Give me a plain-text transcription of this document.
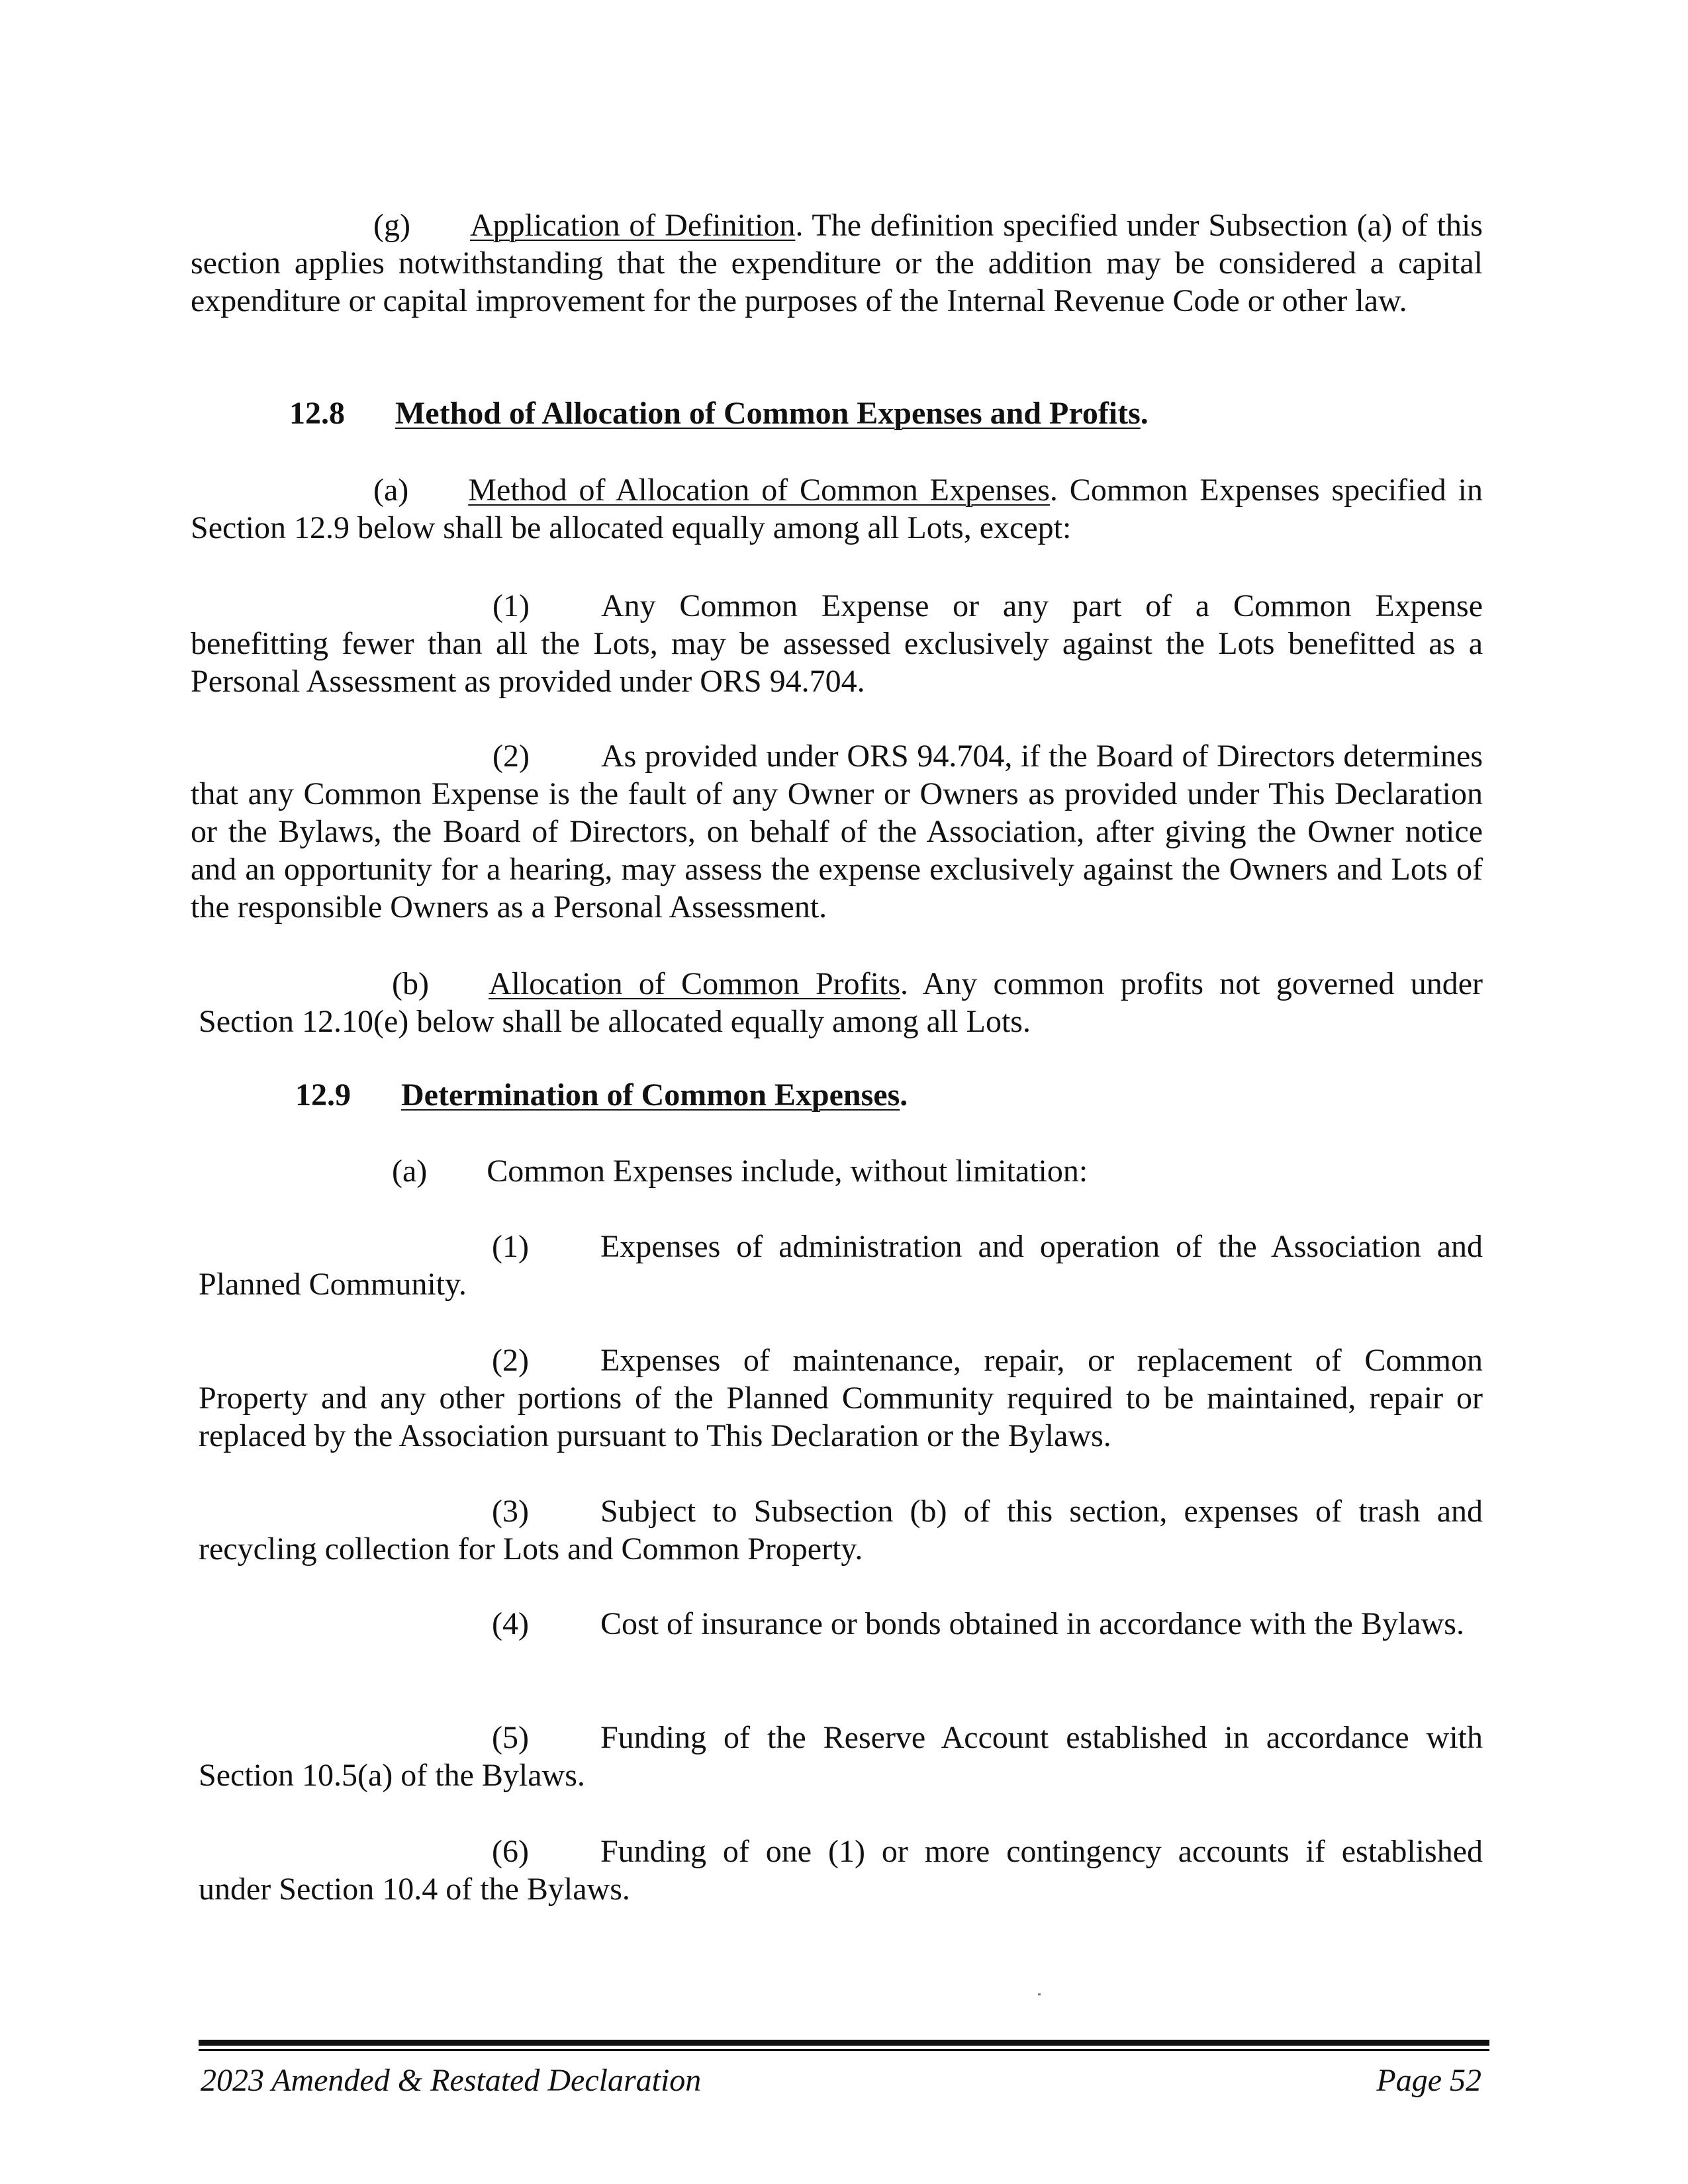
(g) Application of Definition. The definition specified under Subsection (a) of this section applies notwithstanding that the expenditure or the addition may be considered a capital expenditure or capital improvement for the purposes of the Internal Revenue Code or other law.
12.8 Method of Allocation of Common Expenses and Profits.
(a) Method of Allocation of Common Expenses. Common Expenses specified in Section 12.9 below shall be allocated equally among all Lots, except:
(1) Any Common Expense or any part of a Common Expense benefitting fewer than all the Lots, may be assessed exclusively against the Lots benefitted as a Personal Assessment as provided under ORS 94.704.
(2) As provided under ORS 94.704, if the Board of Directors determines that any Common Expense is the fault of any Owner or Owners as provided under This Declaration or the Bylaws, the Board of Directors, on behalf of the Association, after giving the Owner notice and an opportunity for a hearing, may assess the expense exclusively against the Owners and Lots of the responsible Owners as a Personal Assessment.
(b) Allocation of Common Profits. Any common profits not governed under Section 12.10(e) below shall be allocated equally among all Lots.
12.9 Determination of Common Expenses.
(a) Common Expenses include, without limitation:
(1) Expenses of administration and operation of the Association and Planned Community.
(2) Expenses of maintenance, repair, or replacement of Common Property and any other portions of the Planned Community required to be maintained, repair or replaced by the Association pursuant to This Declaration or the Bylaws.
(3) Subject to Subsection (b) of this section, expenses of trash and recycling collection for Lots and Common Property.
(4) Cost of insurance or bonds obtained in accordance with the Bylaws.
(5) Funding of the Reserve Account established in accordance with Section 10.5(a) of the Bylaws.
(6) Funding of one (1) or more contingency accounts if established under Section 10.4 of the Bylaws.
2023 Amended & Restated Declaration	Page 52
